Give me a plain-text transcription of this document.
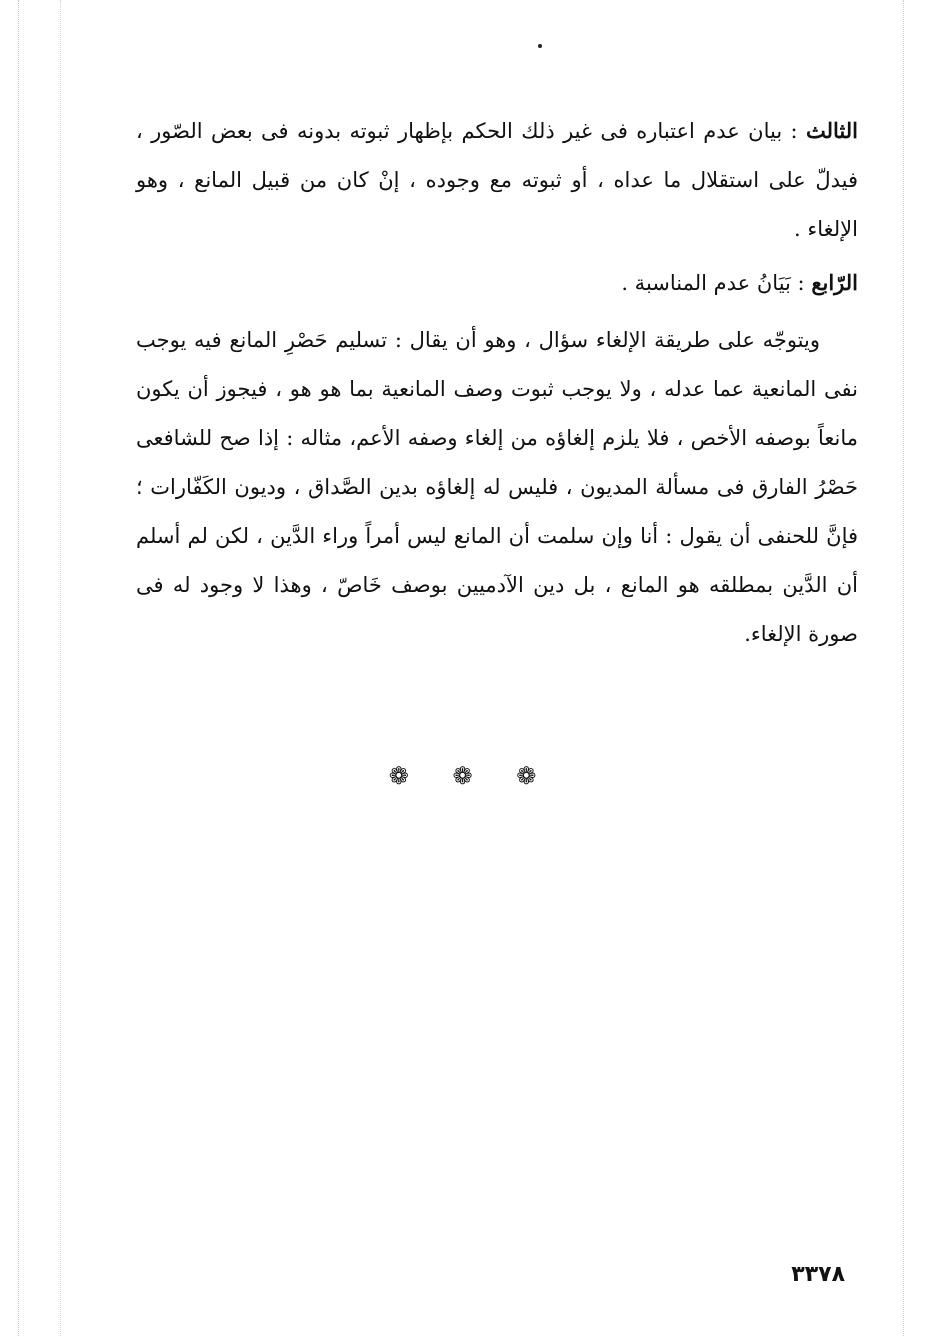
الثالث : بيان عدم اعتباره فى غير ذلك الحكم بإظهار ثبوته بدونه فى بعض الصّور ، فيدلّ على استقلال ما عداه ، أو ثبوته مع وجوده ، إنْ كان من قبيل المانع ، وهو الإلغاء .

الرّابع : بَيَانُ عدم المناسبة .

ويتوجّه على طريقة الإلغاء سؤال ، وهو أن يقال : تسليم حَصْرِ المانع فيه يوجب نفى المانعية عما عدله ، ولا يوجب ثبوت وصف المانعية بما هو هو ، فيجوز أن يكون مانعاً بوصفه الأخص ، فلا يلزم إلغاؤه من إلغاء وصفه الأعم، مثاله : إذا صح للشافعى حَصْرُ الفارق فى مسألة المديون ، فليس له إلغاؤه بدين الصَّداق ، وديون الكَفّارات ؛ فإنَّ للحنفى أن يقول : أنا وإن سلمت أن المانع ليس أمراً وراء الدَّين ، لكن لم أسلم أن الدَّين بمطلقه هو المانع ، بل دين الآدميين بوصف خَاصّ ، وهذا لا وجود له فى صورة الإلغاء.

❁ ❁ ❁
٣٣٧٨
